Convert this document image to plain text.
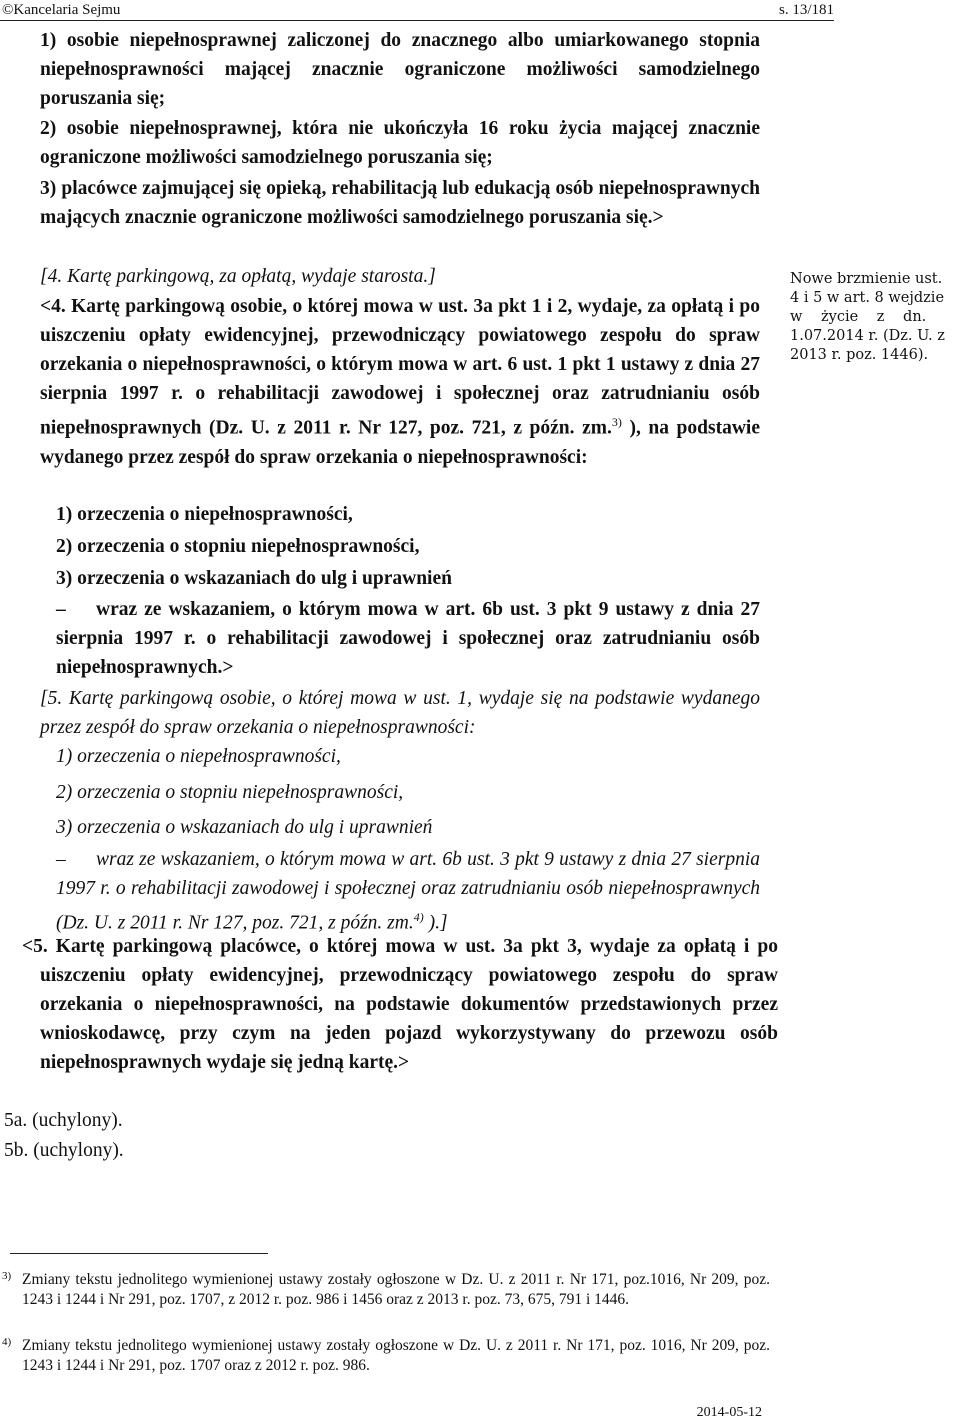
©Kancelaria Sejmu	s. 13/181

1) osobie niepełnosprawnej zaliczonej do znacznego albo umiarkowanego stopnia niepełnosprawności mającej znacznie ograniczone możliwości samodzielnego poruszania się;

2) osobie niepełnosprawnej, która nie ukończyła 16 roku życia mającej znacznie ograniczone możliwości samodzielnego poruszania się;

3) placówce zajmującej się opieką, rehabilitacją lub edukacją osób niepełnosprawnych mających znacznie ograniczone możliwości samodzielnego poruszania się.>

[4. Kartę parkingową, za opłatą, wydaje starosta.]

<4. Kartę parkingową osobie, o której mowa w ust. 3a pkt 1 i 2, wydaje, za opłatą i po uiszczeniu opłaty ewidencyjnej, przewodniczący powiatowego zespołu do spraw orzekania o niepełnosprawności, o którym mowa w art. 6 ust. 1 pkt 1 ustawy z dnia 27 sierpnia 1997 r. o rehabilitacji zawodowej i społecznej oraz zatrudnianiu osób niepełnosprawnych (Dz. U. z 2011 r. Nr 127, poz. 721, z późn. zm.$^{3)}$ ), na podstawie wydanego przez zespół do spraw orzekania o niepełnosprawności:

1) orzeczenia o niepełnosprawności,

2) orzeczenia o stopniu niepełnosprawności,

3) orzeczenia o wskazaniach do ulg i uprawnień

–	wraz ze wskazaniem, o którym mowa w art. 6b ust. 3 pkt 9 ustawy z dnia 27 sierpnia 1997 r. o rehabilitacji zawodowej i społecznej oraz zatrudnianiu osób niepełnosprawnych.>

[5. Kartę parkingową osobie, o której mowa w ust. 1, wydaje się na podstawie wydanego przez zespół do spraw orzekania o niepełnosprawności:

1) orzeczenia o niepełnosprawności,

2) orzeczenia o stopniu niepełnosprawności,

3) orzeczenia o wskazaniach do ulg i uprawnień

–	wraz ze wskazaniem, o którym mowa w art. 6b ust. 3 pkt 9 ustawy z dnia 27 sierpnia 1997 r. o rehabilitacji zawodowej i społecznej oraz zatrudnianiu osób niepełnosprawnych (Dz. U. z 2011 r. Nr 127, poz. 721, z późn. zm.$^{4)}$ ).]

<5. Kartę parkingową placówce, o której mowa w ust. 3a pkt 3, wydaje za opłatą i po uiszczeniu opłaty ewidencyjnej, przewodniczący powiatowego zespołu do spraw orzekania o niepełnosprawności, na podstawie dokumentów przedstawionych przez wnioskodawcę, przy czym na jeden pojazd wykorzystywany do przewozu osób niepełnosprawnych wydaje się jedną kartę.>

5a. (uchylony).

5b. (uchylony).

Nowe brzmienie ust.
4 i 5 w art. 8 wejdzie
w życie z dn.
1.07.2014 r. (Dz. U. z
2013 r. poz. 1446).
3) Zmiany tekstu jednolitego wymienionej ustawy zostały ogłoszone w Dz. U. z 2011 r. Nr 171, poz.1016, Nr 209, poz. 1243 i 1244 i Nr 291, poz. 1707, z 2012 r. poz. 986 i 1456 oraz z 2013 r. poz. 73, 675, 791 i 1446.
4) Zmiany tekstu jednolitego wymienionej ustawy zostały ogłoszone w Dz. U. z 2011 r. Nr 171, poz. 1016, Nr 209, poz. 1243 i 1244 i Nr 291, poz. 1707 oraz z 2012 r. poz. 986.
2014-05-12
